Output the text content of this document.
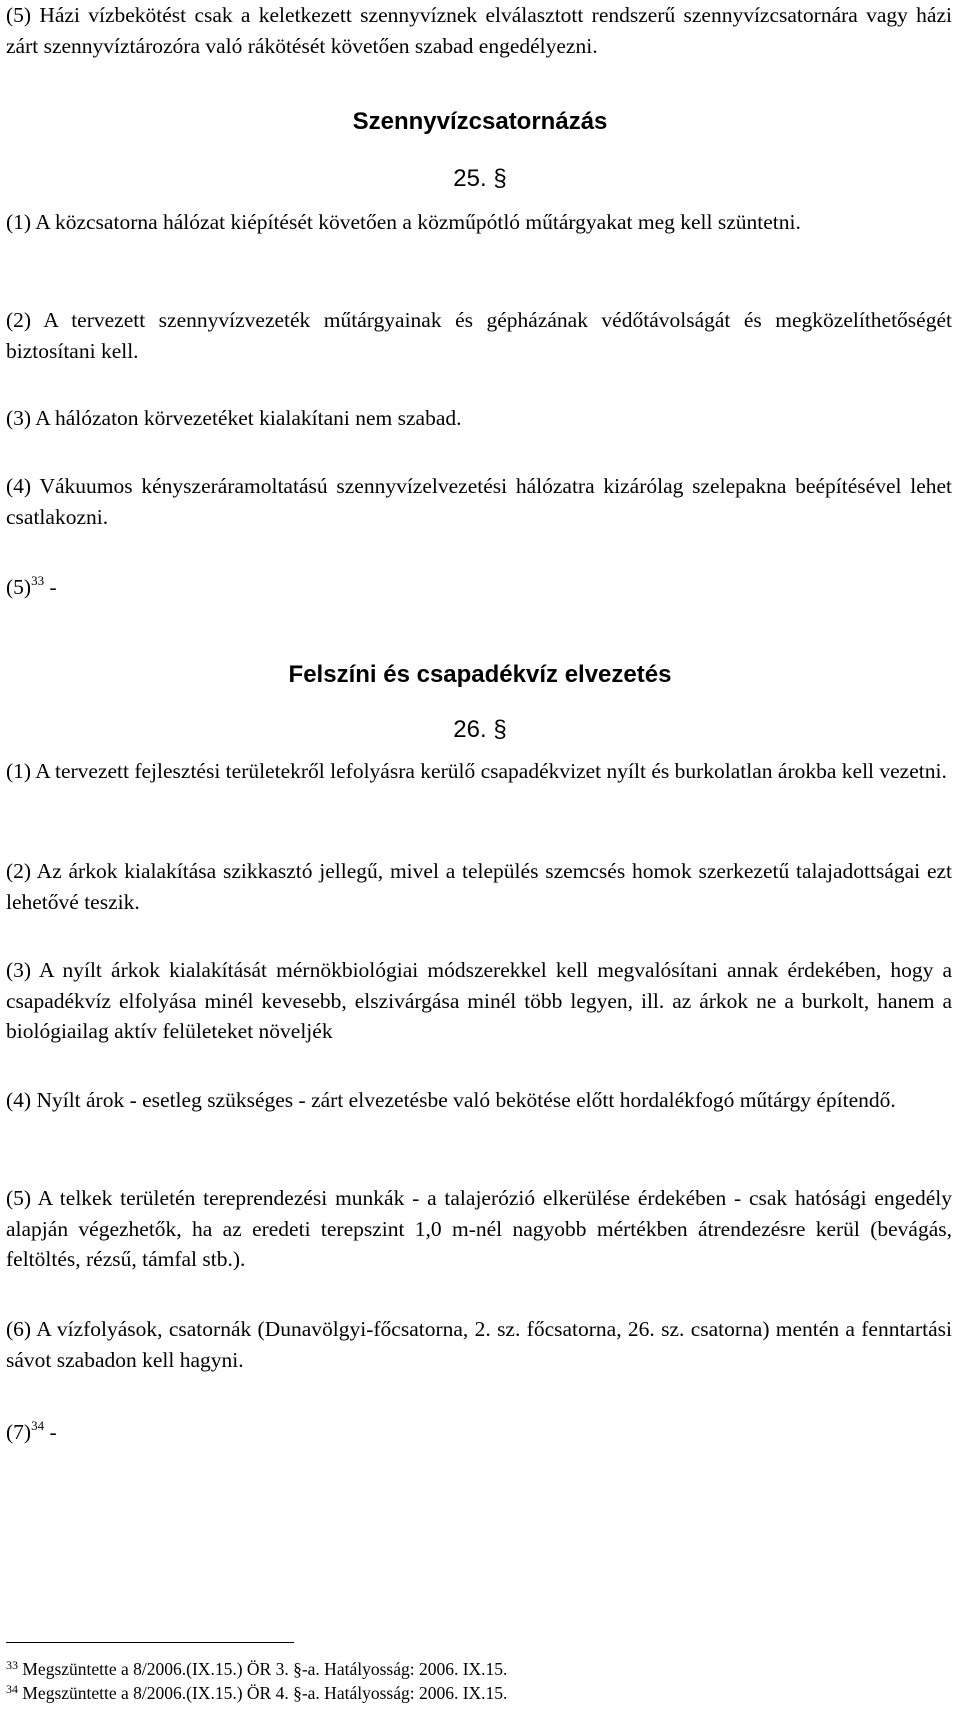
(5) Házi vízbekötést csak a keletkezett szennyvíznek elválasztott rendszerű szennyvízcsatornára vagy házi zárt szennyvíztározóra való rákötését követően szabad engedélyezni.

Szennyvízcsatornázás
25. §

(1) A közcsatorna hálózat kiépítését követően a közműpótló műtárgyakat meg kell szüntetni.

(2) A tervezett szennyvízvezeték műtárgyainak és gépházának védőtávolságát és megközelíthetőségét biztosítani kell.

(3) A hálózaton körvezetéket kialakítani nem szabad.

(4) Vákuumos kényszeráramoltatású szennyvízelvezetési hálózatra kizárólag szelepakna beépítésével lehet csatlakozni.

$(5)^{33}$ -

Felszíni és csapadékvíz elvezetés
26. §

(1) A tervezett fejlesztési területekről lefolyásra kerülő csapadékvizet nyílt és burkolatlan árokba kell vezetni.

(2) Az árkok kialakítása szikkasztó jellegű, mivel a település szemcsés homok szerkezetű talajadottságai ezt lehetővé teszik.

(3) A nyílt árkok kialakítását mérnökbiológiai módszerekkel kell megvalósítani annak érdekében, hogy a csapadékvíz elfolyása minél kevesebb, elszivárgása minél több legyen, ill. az árkok ne a burkolt, hanem a biológiailag aktív felületeket növeljék

(4) Nyílt árok - esetleg szükséges - zárt elvezetésbe való bekötése előtt hordalékfogó műtárgy építendő.

(5) A telkek területén tereprendezési munkák - a talajerózió elkerülése érdekében - csak hatósági engedély alapján végezhetők, ha az eredeti terepszint 1,0 m-nél nagyobb mértékben átrendezésre kerül (bevágás, feltöltés, rézsű, támfal stb.).

(6) A vízfolyások, csatornák (Dunavölgyi-főcsatorna, 2. sz. főcsatorna, 26. sz. csatorna) mentén a fenntartási sávot szabadon kell hagyni.

$(7)^{34}$ -

$^{33}$ Megszüntette a 8/2006.(IX.15.) ÖR 3. §-a. Hatályosság: 2006. IX.15.

$^{34}$ Megszüntette a 8/2006.(IX.15.) ÖR 4. §-a. Hatályosság: 2006. IX.15.
